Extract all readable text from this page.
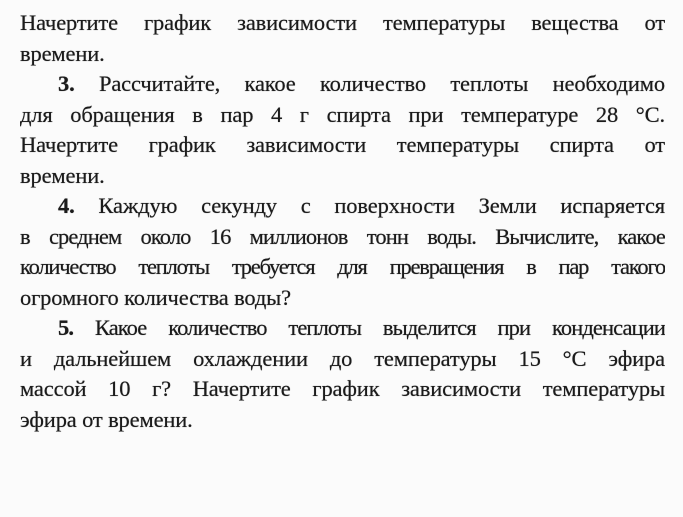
Начертите график зависимости температуры вещества от
времени.
3. Рассчитайте, какое количество теплоты необходимо
для обращения в пар 4 г спирта при температуре 28 °С.
Начертите график зависимости температуры спирта от
времени.
4. Каждую секунду с поверхности Земли испаряется
в среднем около 16 миллионов тонн воды. Вычислите, какое
количество теплоты требуется для превращения в пар такого
огромного количества воды?
5. Какое количество теплоты выделится при конденсации
и дальнейшем охлаждении до температуры 15 °С эфира
массой 10 г? Начертите график зависимости температуры
эфира от времени.
